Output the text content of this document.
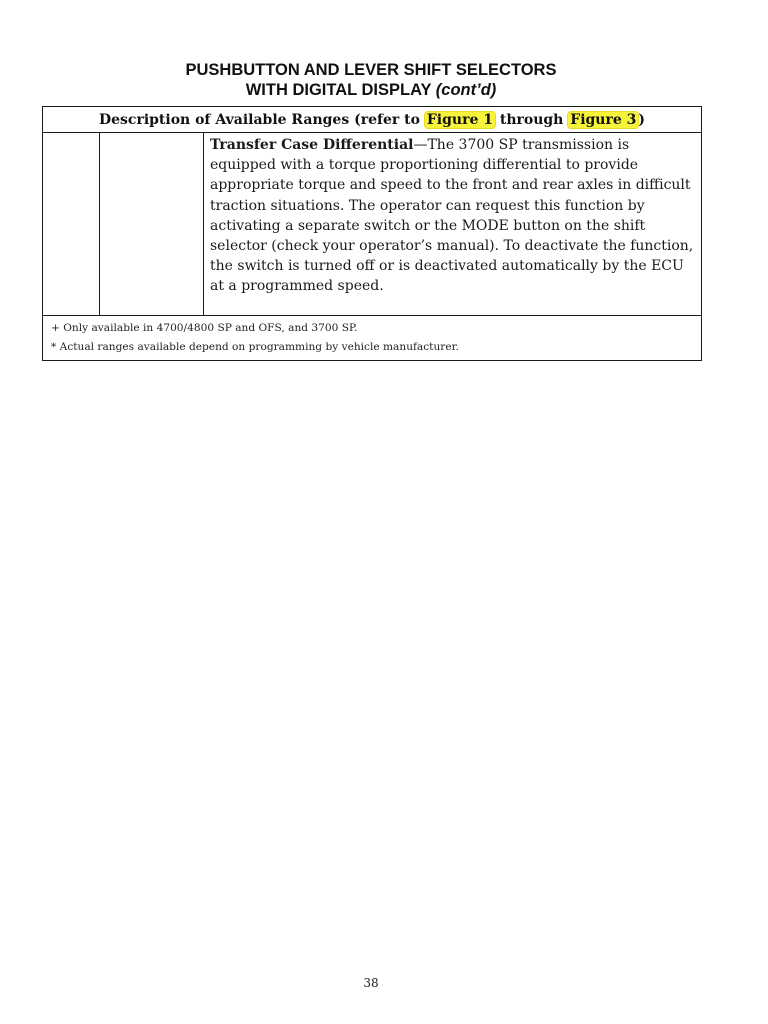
PUSHBUTTON AND LEVER SHIFT SELECTORS
WITH DIGITAL DISPLAY (cont’d)
Description of Available Ranges (refer to Figure 1 through Figure 3 )
		Transfer Case Differential—The 3700 SP transmission is equipped with a torque proportioning differential to provide appropriate torque and speed to the front and rear axles in difficult traction situations. The operator can request this function by activating a separate switch or the MODE button on the shift selector (check your operator’s manual). To deactivate the function, the switch is turned off or is deactivated automatically by the ECU at a programmed speed.

+ Only available in 4700/4800 SP and OFS, and 3700 SP.
* Actual ranges available depend on programming by vehicle manufacturer.
38
